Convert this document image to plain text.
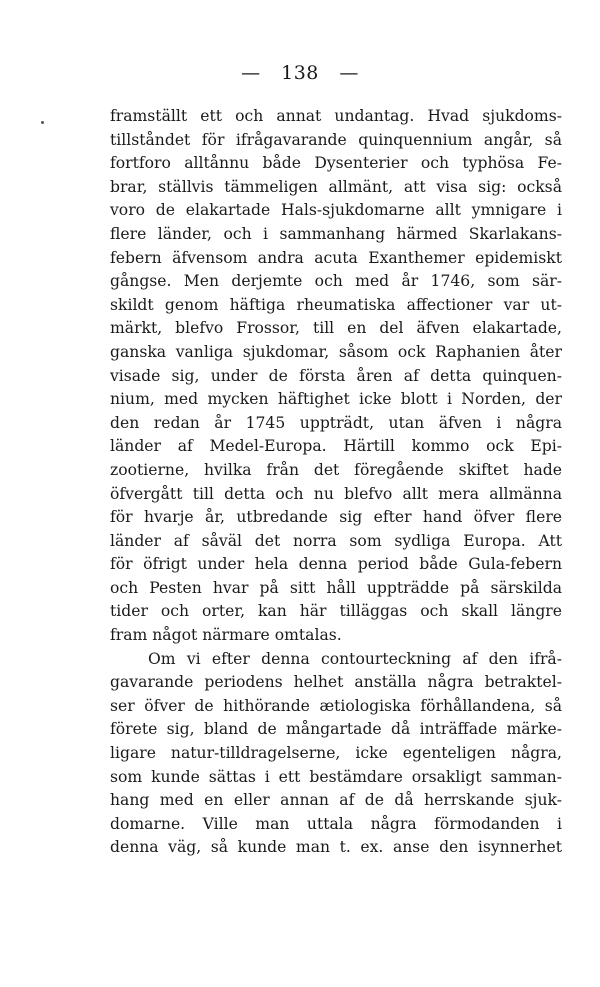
— 138 —
framställt ett och annat undantag. Hvad sjukdoms-
tillståndet för ifrågavarande quinquennium angår, så
fortforo alltånnu både Dysenterier och typhösa Fe-
brar, ställvis tämmeligen allmänt, att visa sig: också
voro de elakartade Hals-sjukdomarne allt ymnigare i
flere länder, och i sammanhang härmed Skarlakans-
febern äfvensom andra acuta Exanthemer epidemiskt
gångse. Men derjemte och med år 1746, som sär-
skildt genom häftiga rheumatiska affectioner var ut-
märkt, blefvo Frossor, till en del äfven elakartade,
ganska vanliga sjukdomar, såsom ock Raphanien åter
visade sig, under de första åren af detta quinquen-
nium, med mycken häftighet icke blott i Norden, der
den redan år 1745 uppträdt, utan äfven i några
länder af Medel-Europa. Härtill kommo ock Epi-
zootierne, hvilka från det föregående skiftet hade
öfvergått till detta och nu blefvo allt mera allmänna
för hvarje år, utbredande sig efter hand öfver flere
länder af såväl det norra som sydliga Europa. Att
för öfrigt under hela denna period både Gula-febern
och Pesten hvar på sitt håll uppträdde på särskilda
tider och orter, kan här tilläggas och skall längre
fram något närmare omtalas.
Om vi efter denna contourteckning af den ifrå-
gavarande periodens helhet anställa några betraktel-
ser öfver de hithörande ætiologiska förhållandena, så
förete sig, bland de mångartade då inträffade märke-
ligare natur-tilldragelserne, icke egenteligen några,
som kunde sättas i ett bestämdare orsakligt samman-
hang med en eller annan af de då herrskande sjuk-
domarne. Ville man uttala några förmodanden i
denna väg, så kunde man t. ex. anse den isynnerhet
